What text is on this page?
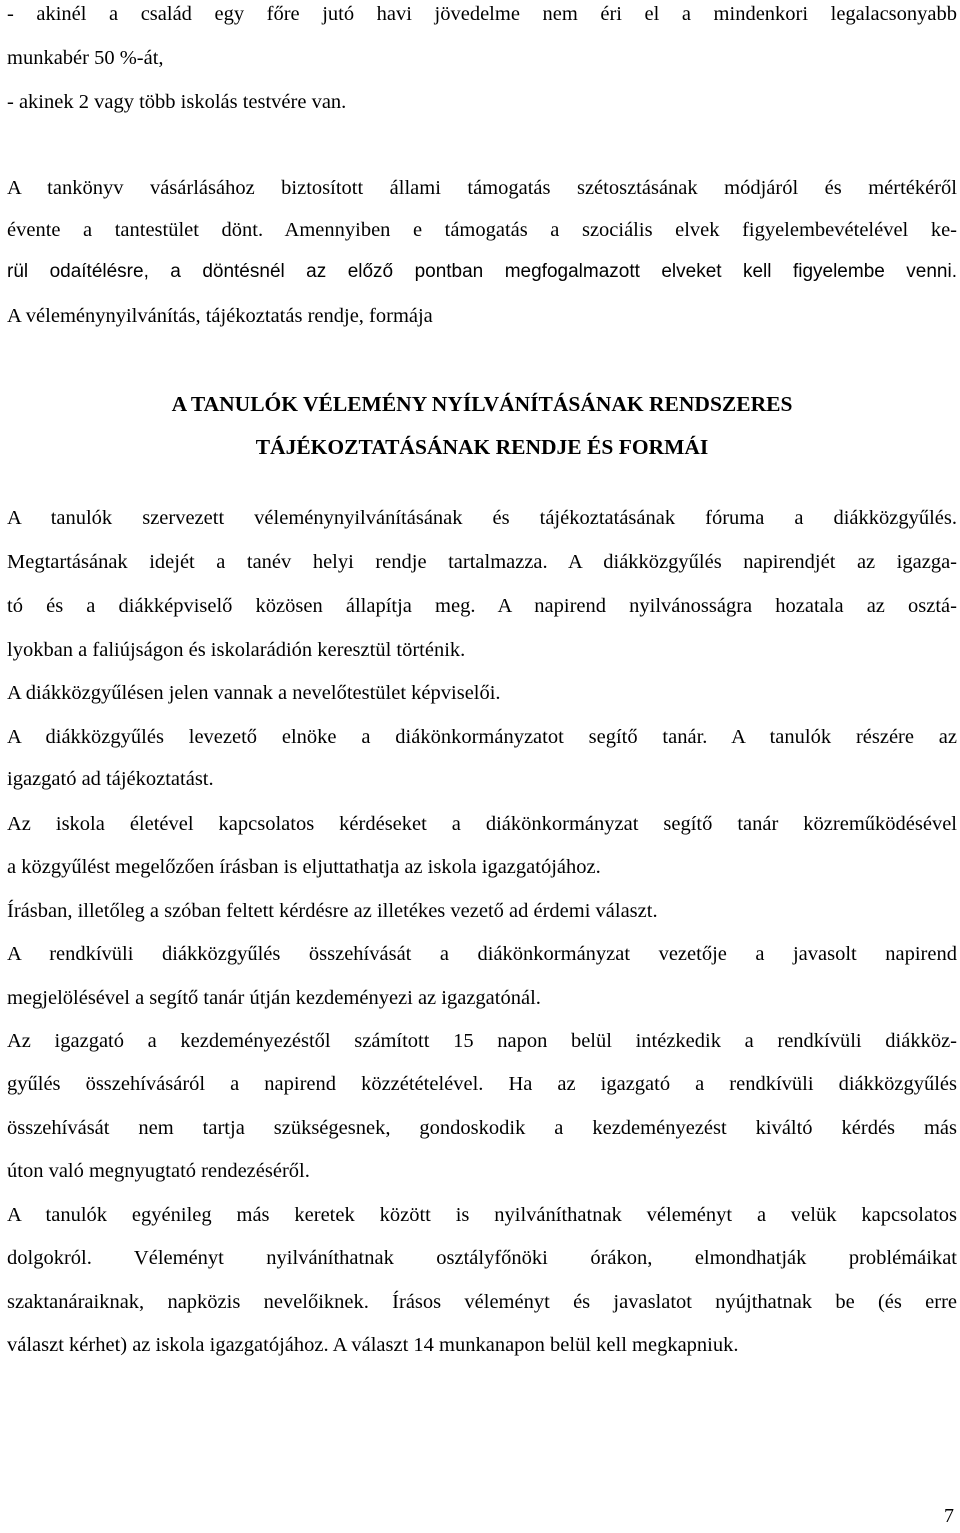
- akinél a család egy főre jutó havi jövedelme nem éri el a mindenkori legalacsonyabb
munkabér 50 %-át,
- akinek 2 vagy több iskolás testvére van.
A tankönyv vásárlásához biztosított állami támogatás szétosztásának módjáról és mértékéről
évente a tantestület dönt. Amennyiben e támogatás a szociális elvek figyelembevételével ke-
rül odaítélésre, a döntésnél az előző pontban megfogalmazott elveket kell figyelembe venni.
A véleménynyilvánítás, tájékoztatás rendje, formája
A TANULÓK VÉLEMÉNY NYÍLVÁNÍTÁSÁNAK RENDSZERES
TÁJÉKOZTATÁSÁNAK RENDJE ÉS FORMÁI
A tanulók szervezett véleménynyilvánításának és tájékoztatásának fóruma a diákközgyűlés.
Megtartásának idejét a tanév helyi rendje tartalmazza. A diákközgyűlés napirendjét az igazga-
tó és a diákképviselő közösen állapítja meg. A napirend nyilvánosságra hozatala az osztá-
lyokban a faliújságon és iskolarádión keresztül történik.
A diákközgyűlésen jelen vannak a nevelőtestület képviselői.
A diákközgyűlés levezető elnöke a diákönkormányzatot segítő tanár. A tanulók részére az
igazgató ad tájékoztatást.
Az iskola életével kapcsolatos kérdéseket a diákönkormányzat segítő tanár közreműködésével
a közgyűlést megelőzően írásban is eljuttathatja az iskola igazgatójához.
Írásban, illetőleg a szóban feltett kérdésre az illetékes vezető ad érdemi választ.
A rendkívüli diákközgyűlés összehívását a diákönkormányzat vezetője a javasolt napirend
megjelölésével a segítő tanár útján kezdeményezi az igazgatónál.
Az igazgató a kezdeményezéstől számított 15 napon belül intézkedik a rendkívüli diákköz-
gyűlés összehívásáról a napirend közzétételével. Ha az igazgató a rendkívüli diákközgyűlés
összehívását nem tartja szükségesnek, gondoskodik a kezdeményezést kiváltó kérdés más
úton való megnyugtató rendezéséről.
A tanulók egyénileg más keretek között is nyilváníthatnak véleményt a velük kapcsolatos
dolgokról. Véleményt nyilváníthatnak osztályfőnöki órákon, elmondhatják problémáikat
szaktanáraiknak, napközis nevelőiknek. Írásos véleményt és javaslatot nyújthatnak be (és erre
választ kérhet) az iskola igazgatójához. A választ 14 munkanapon belül kell megkapniuk.
7
